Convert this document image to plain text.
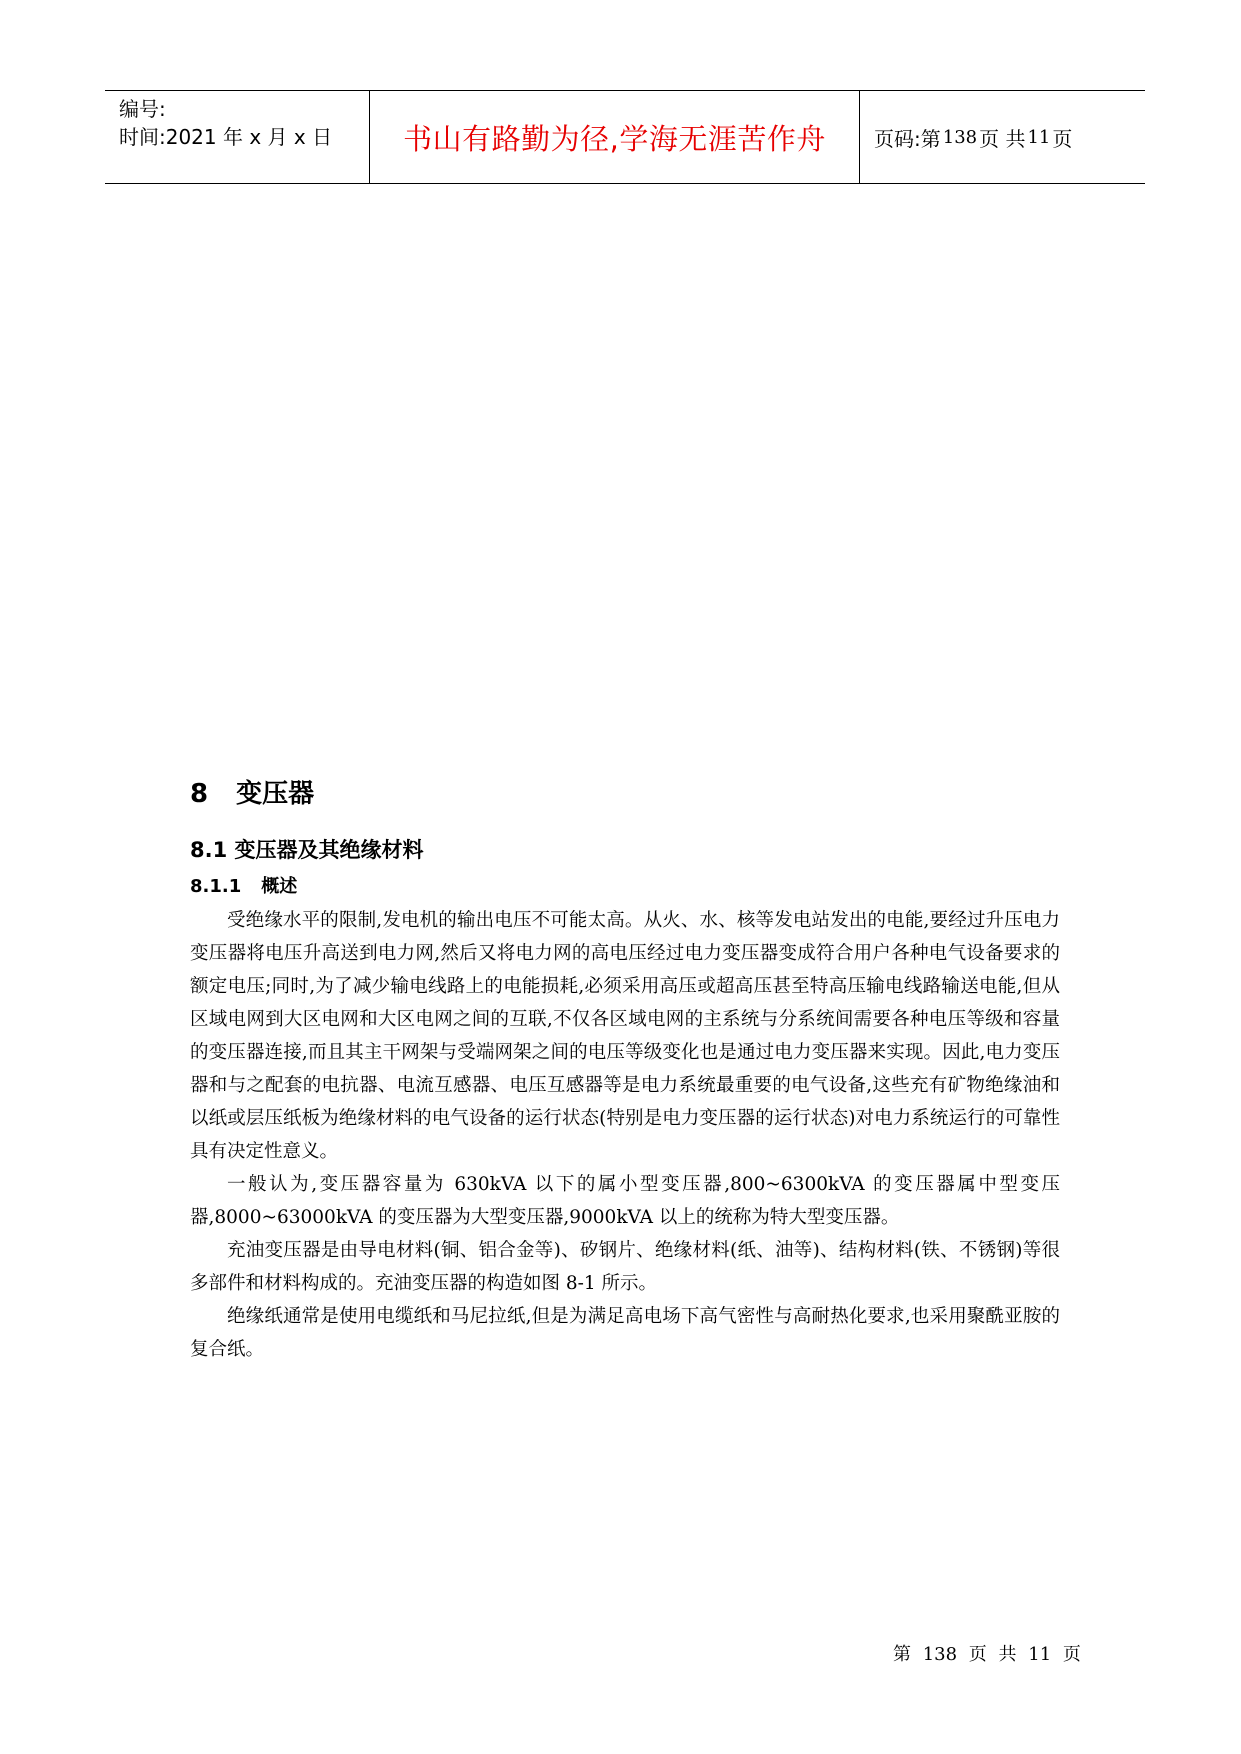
编号:
时间:2021 年 x 月 x 日 书山有路勤为径,学海无涯苦作舟 页码:第 138 页 共 11 页
8 变压器
8.1 变压器及其绝缘材料
8.1.1 概述

受绝缘水平的限制,发电机的输出电压不可能太高。从火、水、核等发电站发出的电能,要经过升压电力变压器将电压升高送到电力网,然后又将电力网的高电压经过电力变压器变成符合用户各种电气设备要求的额定电压;同时,为了减少输电线路上的电能损耗,必须采用高压或超高压甚至特高压输电线路输送电能,但从区域电网到大区电网和大区电网之间的互联,不仅各区域电网的主系统与分系统间需要各种电压等级和容量的变压器连接,而且其主干网架与受端网架之间的电压等级变化也是通过电力变压器来实现。因此,电力变压器和与之配套的电抗器、电流互感器、电压互感器等是电力系统最重要的电气设备,这些充有矿物绝缘油和以纸或层压纸板为绝缘材料的电气设备的运行状态(特别是电力变压器的运行状态)对电力系统运行的可靠性具有决定性意义。

一般认为,变压器容量为 630kVA 以下的属小型变压器,800~6300kVA 的变压器属中型变压器,8000~63000kVA 的变压器为大型变压器,9000kVA 以上的统称为特大型变压器。

充油变压器是由导电材料(铜、铝合金等)、矽钢片、绝缘材料(纸、油等)、结构材料(铁、不锈钢)等很多部件和材料构成的。充油变压器的构造如图 8-1 所示。

绝缘纸通常是使用电缆纸和马尼拉纸,但是为满足高电场下高气密性与高耐热化要求,也采用聚酰亚胺的复合纸。

第 138 页 共 11 页
